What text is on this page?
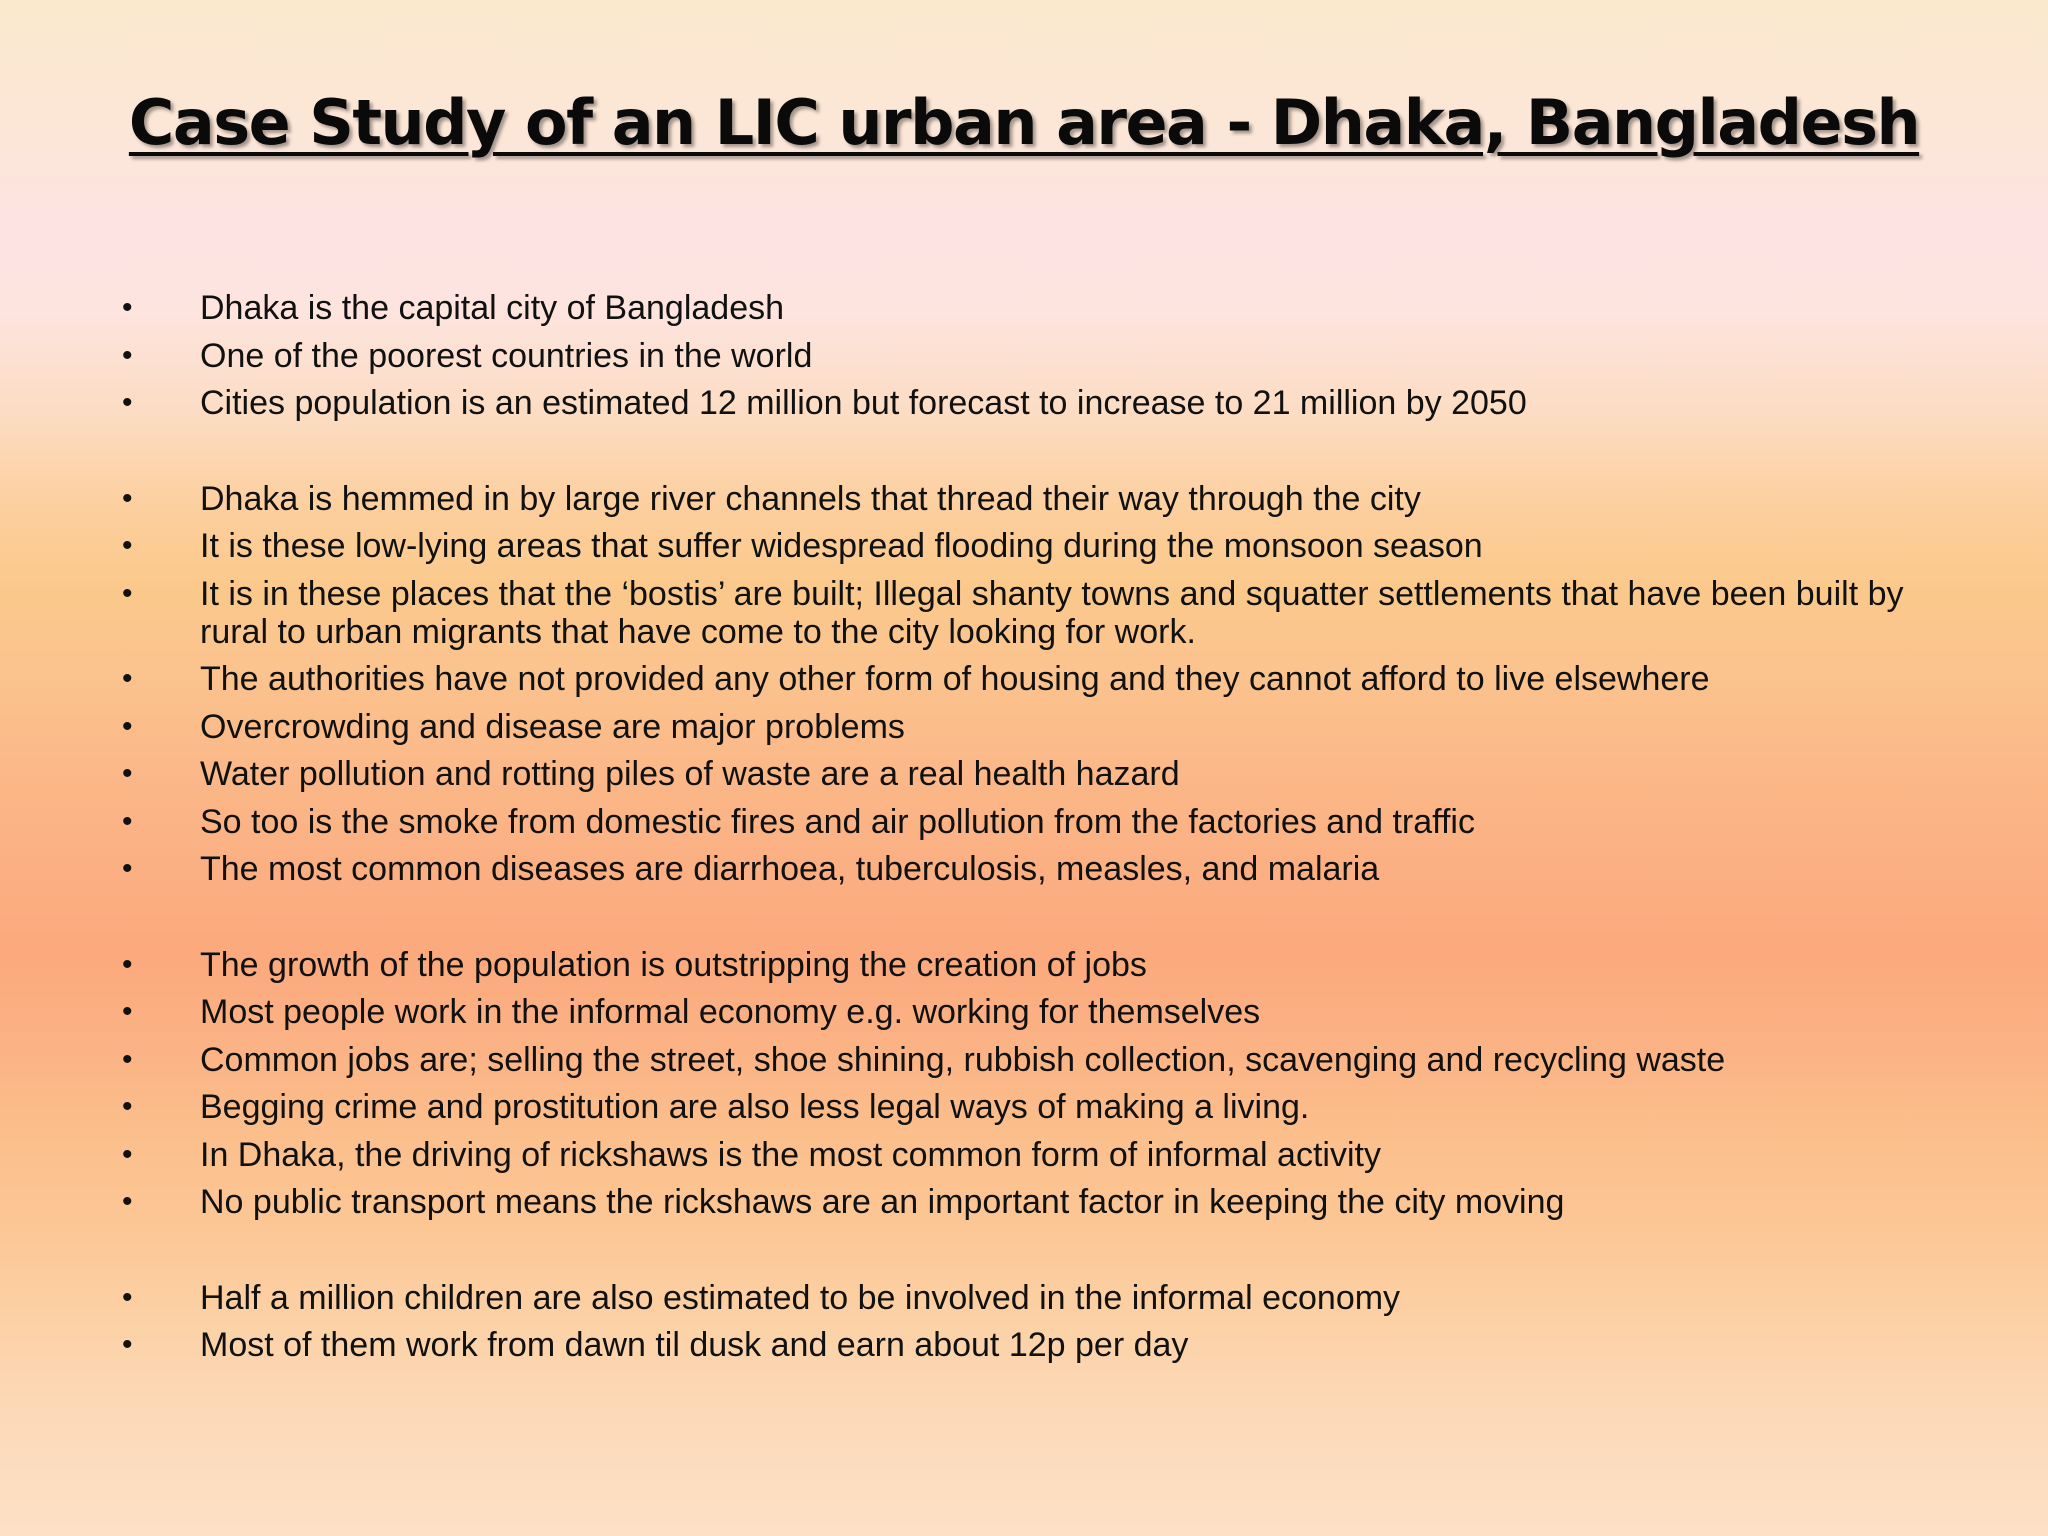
Case Study of an LIC urban area - Dhaka, Bangladesh
•	Dhaka is the capital city of Bangladesh
•	One of the poorest countries in the world
•	Cities population is an estimated 12 million but forecast to increase to 21 million by 2050
•	Dhaka is hemmed in by large river channels that thread their way through the city
•	It is these low-lying areas that suffer widespread flooding during the monsoon season
•	It is in these places that the ‘bostis’ are built; Illegal shanty towns and squatter settlements that have been built by rural to urban migrants that have come to the city looking for work.
•	The authorities have not provided any other form of housing and they cannot afford to live elsewhere
•	Overcrowding and disease are major problems
•	Water pollution and rotting piles of waste are a real health hazard
•	So too is the smoke from domestic fires and air pollution from the factories and traffic
•	The most common diseases are diarrhoea, tuberculosis, measles, and malaria
•	The growth of the population is outstripping the creation of jobs
•	Most people work in the informal economy e.g. working for themselves
•	Common jobs are; selling the street, shoe shining, rubbish collection, scavenging and recycling waste
•	Begging crime and prostitution are also less legal ways of making a living.
•	In Dhaka, the driving of rickshaws is the most common form of informal activity
•	No public transport means the rickshaws are an important factor in keeping the city moving
•	Half a million children are also estimated to be involved in the informal economy
•	Most of them work from dawn til dusk and earn about 12p per day
